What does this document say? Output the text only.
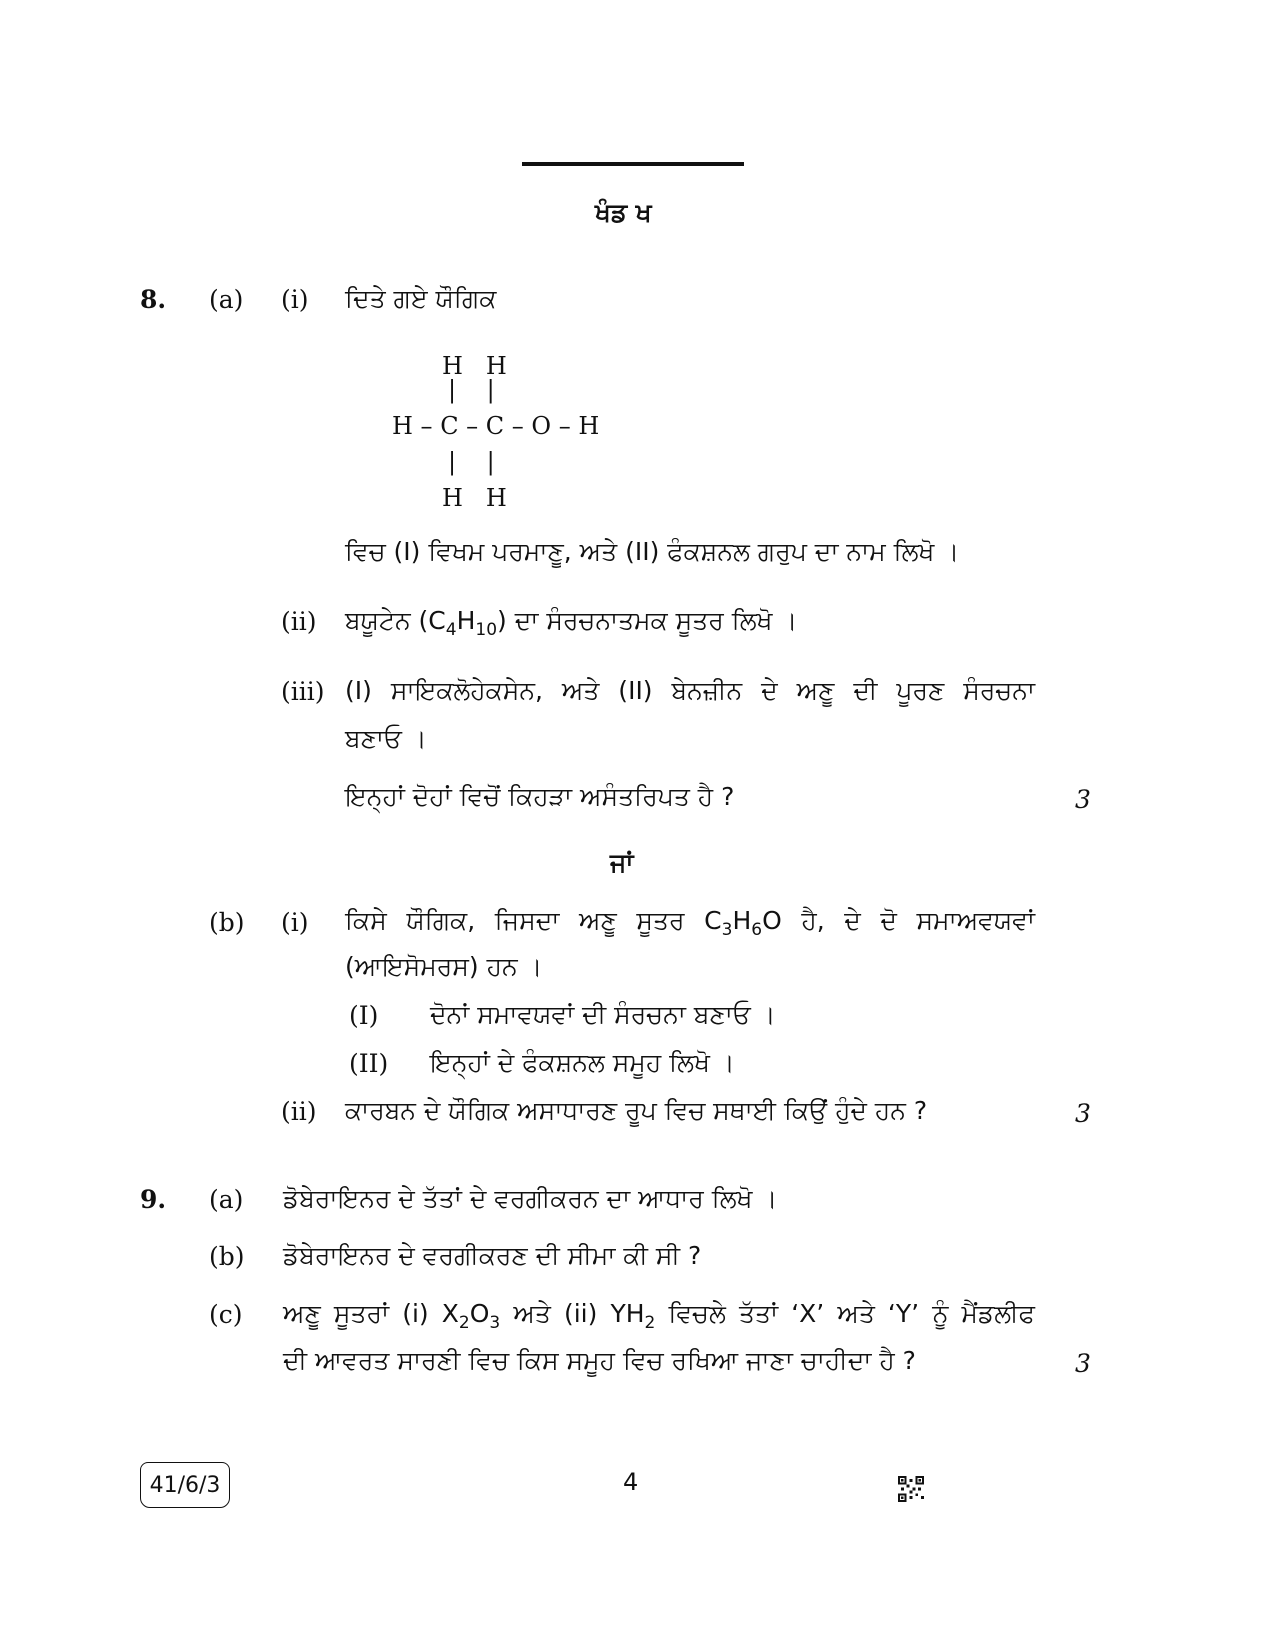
ਖੰਡ ਖ
8. (a) (i) ਦਿਤੇ ਗਏ ਯੌਗਿਕ
H   H
|    |
H – C – C – O – H
|    |
H   H
ਵਿਚ (I) ਵਿਖਮ ਪਰਮਾਣੂ, ਅਤੇ (II) ਫੰਕਸ਼ਨਲ ਗਰੁਪ ਦਾ ਨਾਮ ਲਿਖੋ ।
(ii) ਬਯੂਟੇਨ $(C_4H_{10})$ ਦਾ ਸੰਰਚਨਾਤਮਕ ਸੂਤਰ ਲਿਖੋ ।
(iii) (I) ਸਾਇਕਲੋਹੇਕਸੇਨ, ਅਤੇ (II) ਬੇਨਜ਼ੀਨ ਦੇ ਅਣੂ ਦੀ ਪੂਰਣ ਸੰਰਚਨਾ
ਬਣਾਓ ।
ਇਨ੍ਹਾਂ ਦੋਹਾਂ ਵਿਚੋਂ ਕਿਹੜਾ ਅਸੰਤਰਿਪਤ ਹੈ ?	3
ਜਾਂ
(b) (i) ਕਿਸੇ ਯੌਗਿਕ, ਜਿਸਦਾ ਅਣੂ ਸੂਤਰ $C_3H_6O$ ਹੈ, ਦੇ ਦੋ ਸਮਾਅਵਯਵਾਂ
(ਆਇਸੋਮਰਸ) ਹਨ ।
(I) ਦੋਨਾਂ ਸਮਾਵਯਵਾਂ ਦੀ ਸੰਰਚਨਾ ਬਣਾਓ ।
(II) ਇਨ੍ਹਾਂ ਦੇ ਫੰਕਸ਼ਨਲ ਸਮੂਹ ਲਿਖੋ ।
(ii) ਕਾਰਬਨ ਦੇ ਯੌਗਿਕ ਅਸਾਧਾਰਣ ਰੂਪ ਵਿਚ ਸਥਾਈ ਕਿਉਂ ਹੁੰਦੇ ਹਨ ?	3
9. (a) ਡੋਬੇਰਾਇਨਰ ਦੇ ਤੱਤਾਂ ਦੇ ਵਰਗੀਕਰਨ ਦਾ ਆਧਾਰ ਲਿਖੋ ।
(b) ਡੋਬੇਰਾਇਨਰ ਦੇ ਵਰਗੀਕਰਣ ਦੀ ਸੀਮਾ ਕੀ ਸੀ ?
(c) ਅਣੂ ਸੂਤਰਾਂ (i) $X_2O_3$ ਅਤੇ (ii) $YH_2$ ਵਿਚਲੇ ਤੱਤਾਂ ‘X’ ਅਤੇ ‘Y’ ਨੂੰ ਮੈਂਡਲੀਫ
ਦੀ ਆਵਰਤ ਸਾਰਣੀ ਵਿਚ ਕਿਸ ਸਮੂਹ ਵਿਚ ਰਖਿਆ ਜਾਣਾ ਚਾਹੀਦਾ ਹੈ ?	3
41/6/3	4
